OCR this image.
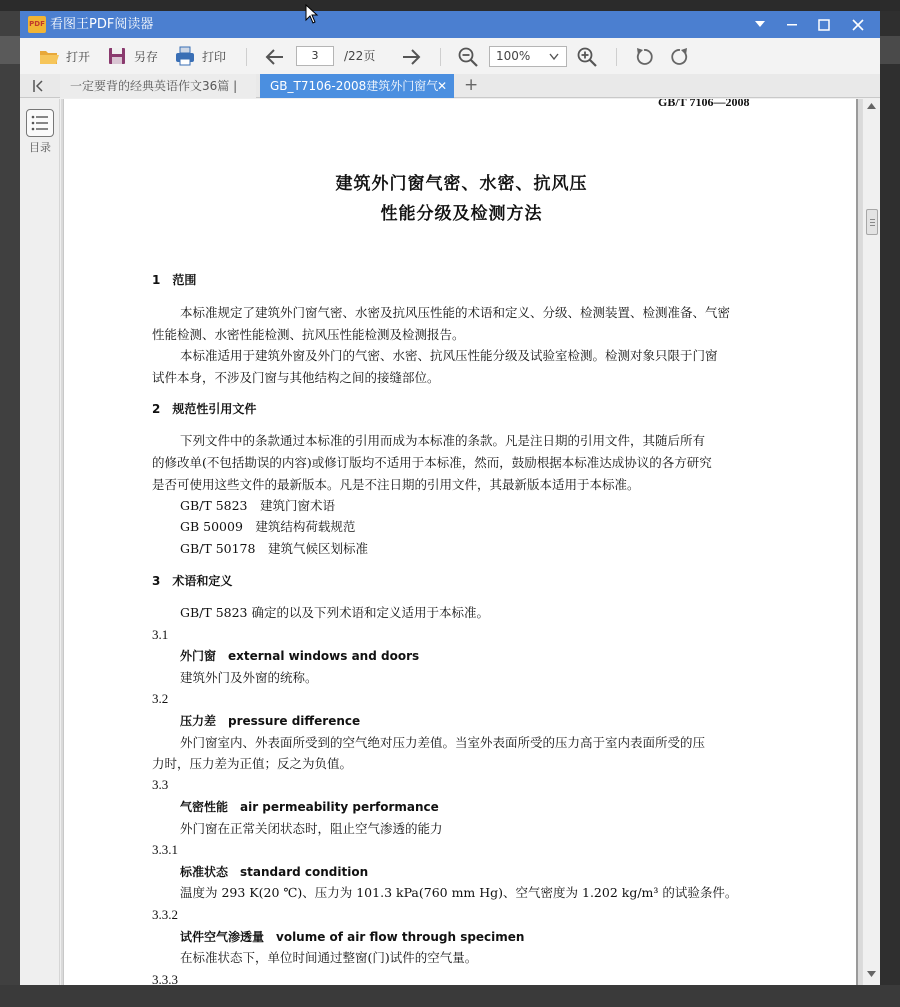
PDF 看图王PDF阅读器
打开	另存	打印	3	/22页	100%
一定要背的经典英语作文36篇 |	GB_T7106-2008建筑外门窗气
✕ +
目录
GB/T 7106—2008
建筑外门窗气密、水密、抗风压
性能分级及检测方法
1　范围
本标准规定了建筑外门窗气密、水密及抗风压性能的术语和定义、分级、检测装置、检测准备、气密
性能检测、水密性能检测、抗风压性能检测及检测报告。
本标准适用于建筑外窗及外门的气密、水密、抗风压性能分级及试验室检测。检测对象只限于门窗
试件本身，不涉及门窗与其他结构之间的接缝部位。
2　规范性引用文件
下列文件中的条款通过本标准的引用而成为本标准的条款。凡是注日期的引用文件，其随后所有
的修改单(不包括勘误的内容)或修订版均不适用于本标准，然而，鼓励根据本标准达成协议的各方研究
是否可使用这些文件的最新版本。凡是不注日期的引用文件，其最新版本适用于本标准。
GB/T 5823　建筑门窗术语
GB 50009　建筑结构荷载规范
GB/T 50178　建筑气候区划标准
3　术语和定义
GB/T 5823 确定的以及下列术语和定义适用于本标准。
3.1
外门窗　external windows and doors
建筑外门及外窗的统称。
3.2
压力差　pressure difference
外门窗室内、外表面所受到的空气绝对压力差值。当室外表面所受的压力高于室内表面所受的压
力时，压力差为正值；反之为负值。
3.3
气密性能　air permeability performance
外门窗在正常关闭状态时，阻止空气渗透的能力
3.3.1
标准状态　standard condition
温度为 293 K(20 ℃)、压力为 101.3 kPa(760 mm Hg)、空气密度为 1.202 kg/m³ 的试验条件。
3.3.2
试件空气渗透量　volume of air flow through specimen
在标准状态下，单位时间通过整窗(门)试件的空气量。
3.3.3
